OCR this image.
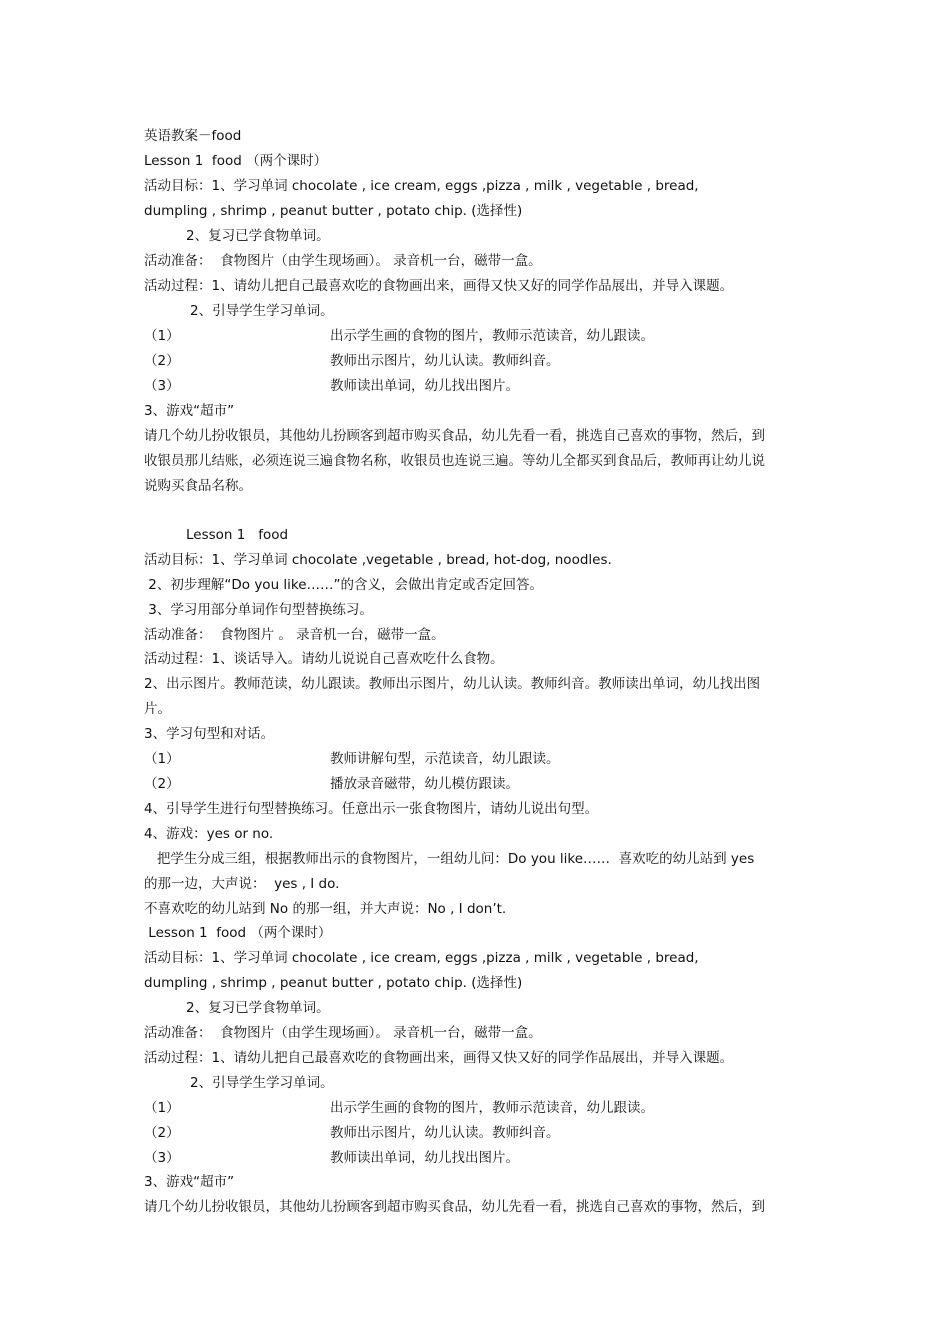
英语教案－food
Lesson 1  food （两个课时）
活动目标：1、学习单词 chocolate , ice cream, eggs ,pizza , milk , vegetable , bread,
dumpling , shrimp , peanut butter , potato chip. (选择性)
2、复习已学食物单词。
活动准备：  食物图片（由学生现场画）。 录音机一台，磁带一盒。
活动过程：1、请幼儿把自己最喜欢吃的食物画出来，画得又快又好的同学作品展出，并导入课题。
2、引导学生学习单词。
（1）	出示学生画的食物的图片，教师示范读音，幼儿跟读。
（2）	教师出示图片，幼儿认读。教师纠音。
（3）	教师读出单词，幼儿找出图片。
3、游戏“超市”
请几个幼儿扮收银员，其他幼儿扮顾客到超市购买食品，幼儿先看一看，挑选自己喜欢的事物，然后，到
收银员那儿结账，必须连说三遍食物名称，收银员也连说三遍。等幼儿全都买到食品后，教师再让幼儿说
说购买食品名称。
Lesson 1   food
活动目标：1、学习单词 chocolate ,vegetable , bread, hot-dog, noodles.
2、初步理解“Do you like……”的含义，会做出肯定或否定回答。
3、学习用部分单词作句型替换练习。
活动准备：  食物图片 。 录音机一台，磁带一盒。
活动过程：1、谈话导入。请幼儿说说自己喜欢吃什么食物。
2、出示图片。教师范读，幼儿跟读。教师出示图片，幼儿认读。教师纠音。教师读出单词，幼儿找出图
片。
3、学习句型和对话。
（1）	教师讲解句型，示范读音，幼儿跟读。
（2）	播放录音磁带，幼儿模仿跟读。
4、引导学生进行句型替换练习。任意出示一张食物图片，请幼儿说出句型。
4、游戏：yes or no.
把学生分成三组，根据教师出示的食物图片，一组幼儿问：Do you like……  喜欢吃的幼儿站到 yes
的那一边，大声说：  yes , I do.
不喜欢吃的幼儿站到 No 的那一组，并大声说：No , I don’t.
Lesson 1  food （两个课时）
活动目标：1、学习单词 chocolate , ice cream, eggs ,pizza , milk , vegetable , bread,
dumpling , shrimp , peanut butter , potato chip. (选择性)
2、复习已学食物单词。
活动准备：  食物图片（由学生现场画）。 录音机一台，磁带一盒。
活动过程：1、请幼儿把自己最喜欢吃的食物画出来，画得又快又好的同学作品展出，并导入课题。
2、引导学生学习单词。
（1）	出示学生画的食物的图片，教师示范读音，幼儿跟读。
（2）	教师出示图片，幼儿认读。教师纠音。
（3）	教师读出单词，幼儿找出图片。
3、游戏“超市”
请几个幼儿扮收银员，其他幼儿扮顾客到超市购买食品，幼儿先看一看，挑选自己喜欢的事物，然后，到
